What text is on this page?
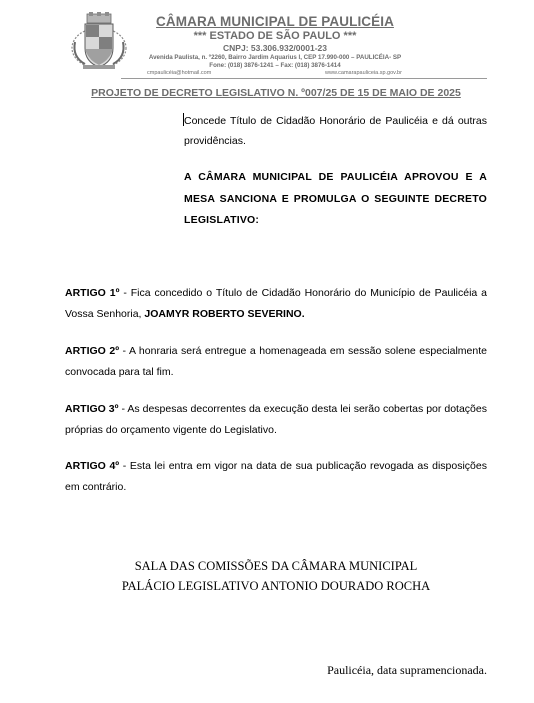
CÂMARA MUNICIPAL DE PAULICÉIA
*** ESTADO DE SÃO PAULO ***
CNPJ: 53.306.932/0001-23
Avenida Paulista, n. º2260, Bairro Jardim Aquarius I, CEP 17.990-000 – PAULICÉIA- SP
Fone: (018) 3876-1241 – Fax: (018) 3876-1414
cmpaulicéia@hotmail.com	www.camarapauliceia.sp.gov.br
PROJETO DE DECRETO LEGISLATIVO N. º007/25 DE 15 DE MAIO DE 2025
Concede Título de Cidadão Honorário de Paulicéia e dá outras providências.
A CÂMARA MUNICIPAL DE PAULICÉIA APROVOU E A MESA SANCIONA E PROMULGA O SEGUINTE DECRETO LEGISLATIVO:
ARTIGO 1º - Fica concedido o Título de Cidadão Honorário do Município de Paulicéia a Vossa Senhoria, JOAMYR ROBERTO SEVERINO.
ARTIGO 2º - A honraria será entregue a homenageada em sessão solene especialmente convocada para tal fim.
ARTIGO 3º - As despesas decorrentes da execução desta lei serão cobertas por dotações próprias do orçamento vigente do Legislativo.
ARTIGO 4º - Esta lei entra em vigor na data de sua publicação revogada as disposições em contrário.
SALA DAS COMISSÕES DA CÂMARA MUNICIPAL
PALÁCIO LEGISLATIVO ANTONIO DOURADO ROCHA
Paulicéia, data supramencionada.
